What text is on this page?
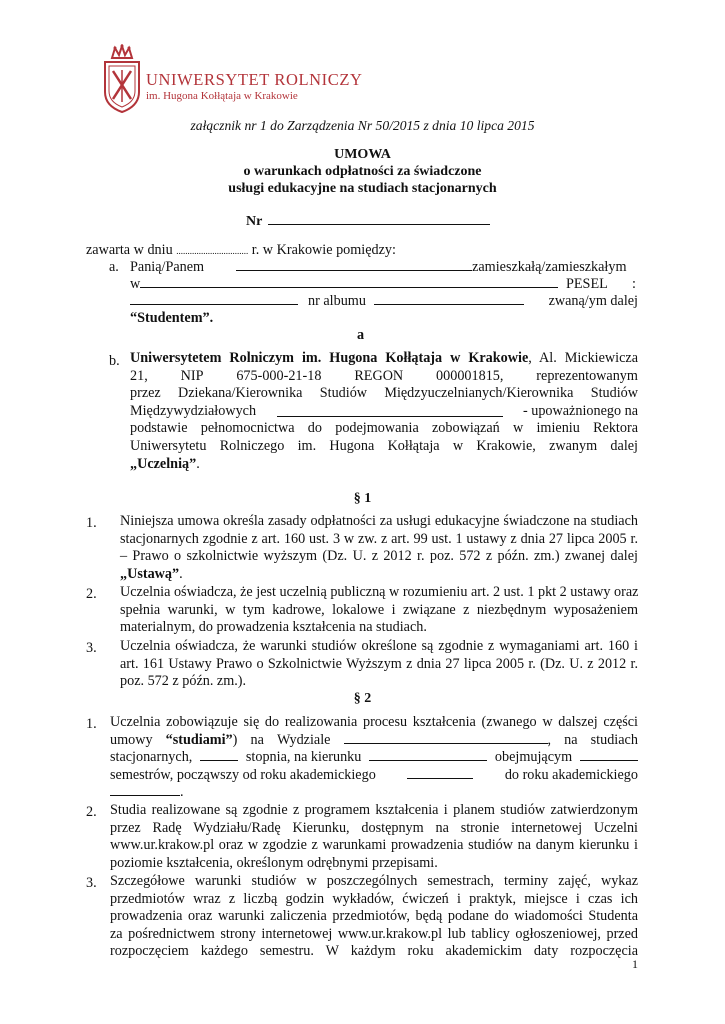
UNIWERSYTET ROLNICZY
im. Hugona Kołłątaja w Krakowie
załącznik nr 1 do Zarządzenia Nr 50/2015 z dnia 10 lipca 2015
UMOWA
o warunkach odpłatności za świadczone
usługi edukacyjne na studiach stacjonarnych
Nr
zawarta w dniu ................................ r. w Krakowie pomiędzy:
a. Panią/Panem	zamieszkałą/zamieszkałym
w	PESEL :
nr albumu	zwaną/ym dalej
“Studentem”.
a
b. Uniwersytetem Rolniczym im. Hugona Kołłątaja w Krakowie, Al. Mickiewicza
21, NIP 675-000-21-18 REGON 000001815, reprezentowanym
przez Dziekana/Kierownika Studiów Międzyuczelnianych/Kierownika Studiów
Międzywydziałowych	- upoważnionego na
podstawie pełnomocnictwa do podejmowania zobowiązań w imieniu Rektora
Uniwersytetu Rolniczego im. Hugona Kołłątaja w Krakowie, zwanym dalej
„Uczelnią”.
§ 1
1. Niniejsza umowa określa zasady odpłatności za usługi edukacyjne świadczone na studiach
stacjonarnych zgodnie z art. 160 ust. 3 w zw. z art. 99 ust. 1 ustawy z dnia 27 lipca 2005 r.
– Prawo o szkolnictwie wyższym (Dz. U. z 2012 r. poz. 572 z późn. zm.) zwanej dalej
„Ustawą”.
2. Uczelnia oświadcza, że jest uczelnią publiczną w rozumieniu art. 2 ust. 1 pkt 2 ustawy oraz
spełnia warunki, w tym kadrowe, lokalowe i związane z niezbędnym wyposażeniem
materialnym, do prowadzenia kształcenia na studiach.
3. Uczelnia oświadcza, że warunki studiów określone są zgodnie z wymaganiami art. 160 i
art. 161 Ustawy Prawo o Szkolnictwie Wyższym z dnia 27 lipca 2005 r. (Dz. U. z 2012 r.
poz. 572 z późn. zm.).
§ 2
1. Uczelnia zobowiązuje się do realizowania procesu kształcenia (zwanego w dalszej części
umowy “studiami”) na Wydziale	, na studiach
stacjonarnych,	stopnia, na kierunku	obejmującym
semestrów, począwszy od roku akademickiego	do roku akademickiego
.
2. Studia realizowane są zgodnie z programem kształcenia i planem studiów zatwierdzonym
przez Radę Wydziału/Radę Kierunku, dostępnym na stronie internetowej Uczelni
www.ur.krakow.pl oraz w zgodzie z warunkami prowadzenia studiów na danym kierunku i
poziomie kształcenia, określonym odrębnymi przepisami.
3. Szczegółowe warunki studiów w poszczególnych semestrach, terminy zajęć, wykaz
przedmiotów wraz z liczbą godzin wykładów, ćwiczeń i praktyk, miejsce i czas ich
prowadzenia oraz warunki zaliczenia przedmiotów, będą podane do wiadomości Studenta
za pośrednictwem strony internetowej www.ur.krakow.pl lub tablicy ogłoszeniowej, przed
rozpoczęciem każdego semestru. W każdym roku akademickim daty rozpoczęcia
1
